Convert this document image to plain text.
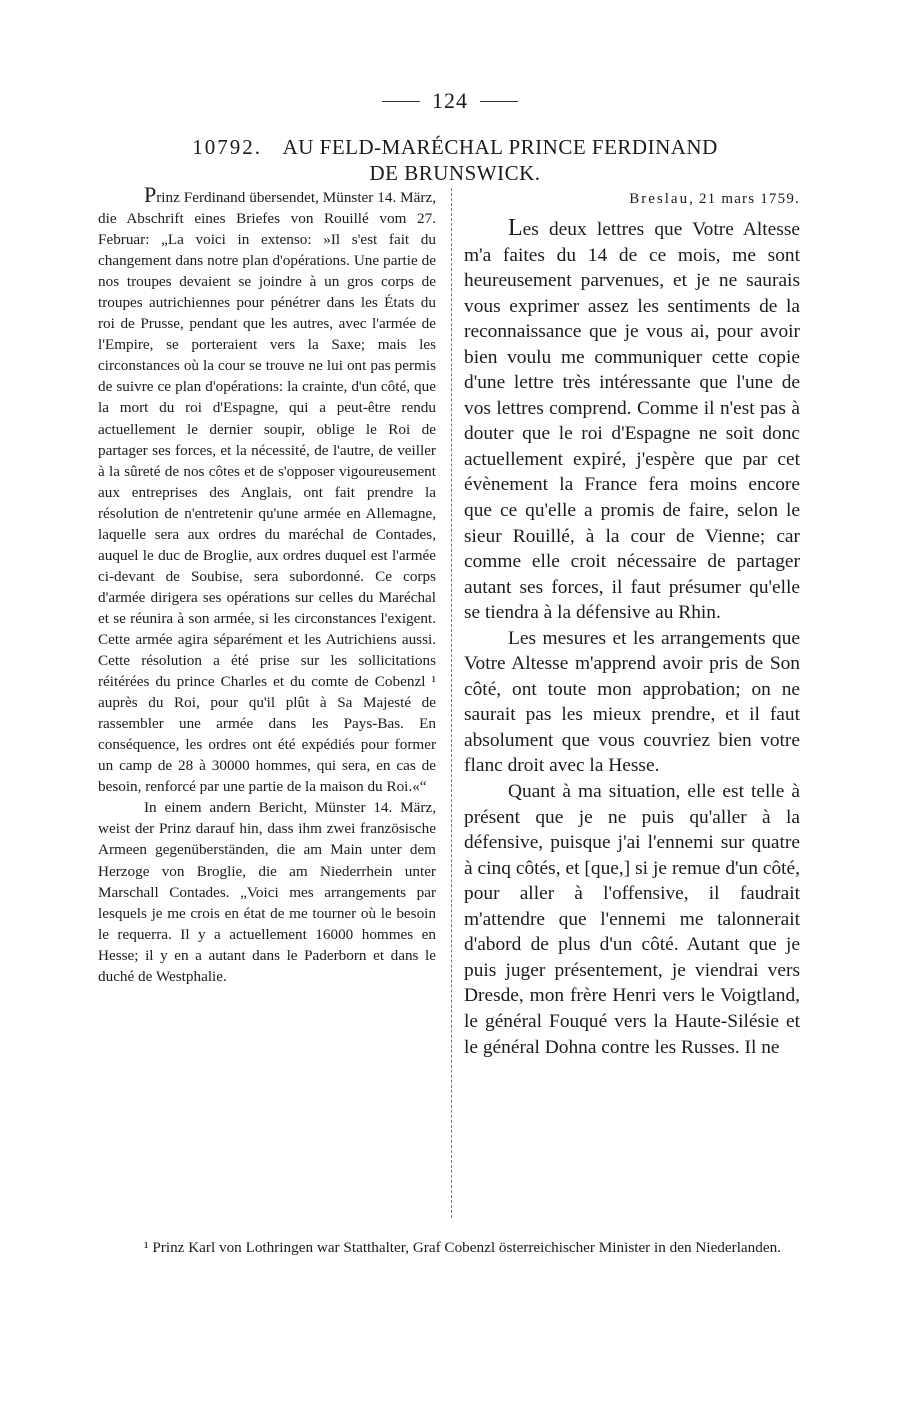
124
10792. AU FELD-MARÉCHAL PRINCE FERDINAND
DE BRUNSWICK.

Prinz Ferdinand übersendet, Münster 14. März, die Abschrift eines Briefes von Rouillé vom 27. Februar: „La voici in extenso: »Il s'est fait du changement dans notre plan d'opérations. Une partie de nos troupes devaient se joindre à un gros corps de troupes autrichiennes pour pénétrer dans les États du roi de Prusse, pendant que les autres, avec l'armée de l'Empire, se porteraient vers la Saxe; mais les circonstances où la cour se trouve ne lui ont pas permis de suivre ce plan d'opérations: la crainte, d'un côté, que la mort du roi d'Espagne, qui a peut-être rendu actuellement le dernier soupir, oblige le Roi de partager ses forces, et la nécessité, de l'autre, de veiller à la sûreté de nos côtes et de s'opposer vigoureusement aux entreprises des Anglais, ont fait prendre la résolution de n'entretenir qu'une armée en Allemagne, laquelle sera aux ordres du maréchal de Contades, auquel le duc de Broglie, aux ordres duquel est l'armée ci-devant de Soubise, sera subordonné. Ce corps d'armée dirigera ses opérations sur celles du Maréchal et se réunira à son armée, si les circonstances l'exigent. Cette armée agira séparément et les Autrichiens aussi. Cette résolution a été prise sur les sollicitations réitérées du prince Charles et du comte de Cobenzl ¹ auprès du Roi, pour qu'il plût à Sa Majesté de rassembler une armée dans les Pays-Bas. En conséquence, les ordres ont été expédiés pour former un camp de 28 à 30000 hommes, qui sera, en cas de besoin, renforcé par une partie de la maison du Roi.«“

In einem andern Bericht, Münster 14. März, weist der Prinz darauf hin, dass ihm zwei französische Armeen gegenüberständen, die am Main unter dem Herzoge von Broglie, die am Niederrhein unter Marschall Contades. „Voici mes arrangements par lesquels je me crois en état de me tourner où le besoin le requerra. Il y a actuellement 16000 hommes en Hesse; il y en a autant dans le Paderborn et dans le duché de Westphalie.

Breslau, 21 mars 1759.

Les deux lettres que Votre Altesse m'a faites du 14 de ce mois, me sont heureusement parvenues, et je ne saurais vous exprimer assez les sentiments de la reconnaissance que je vous ai, pour avoir bien voulu me communiquer cette copie d'une lettre très intéressante que l'une de vos lettres comprend. Comme il n'est pas à douter que le roi d'Espagne ne soit donc actuellement expiré, j'espère que par cet évènement la France fera moins encore que ce qu'elle a promis de faire, selon le sieur Rouillé, à la cour de Vienne; car comme elle croit nécessaire de partager autant ses forces, il faut présumer qu'elle se tiendra à la défensive au Rhin.

Les mesures et les arrangements que Votre Altesse m'apprend avoir pris de Son côté, ont toute mon approbation; on ne saurait pas les mieux prendre, et il faut absolument que vous couvriez bien votre flanc droit avec la Hesse.

Quant à ma situation, elle est telle à présent que je ne puis qu'aller à la défensive, puisque j'ai l'ennemi sur quatre à cinq côtés, et [que,] si je remue d'un côté, pour aller à l'offensive, il faudrait m'attendre que l'ennemi me talonnerait d'abord de plus d'un côté. Autant que je puis juger présentement, je viendrai vers Dresde, mon frère Henri vers le Voigtland, le général Fouqué vers la Haute-Silésie et le général Dohna contre les Russes. Il ne

¹ Prinz Karl von Lothringen war Statthalter, Graf Cobenzl österreichischer Minister in den Niederlanden.
